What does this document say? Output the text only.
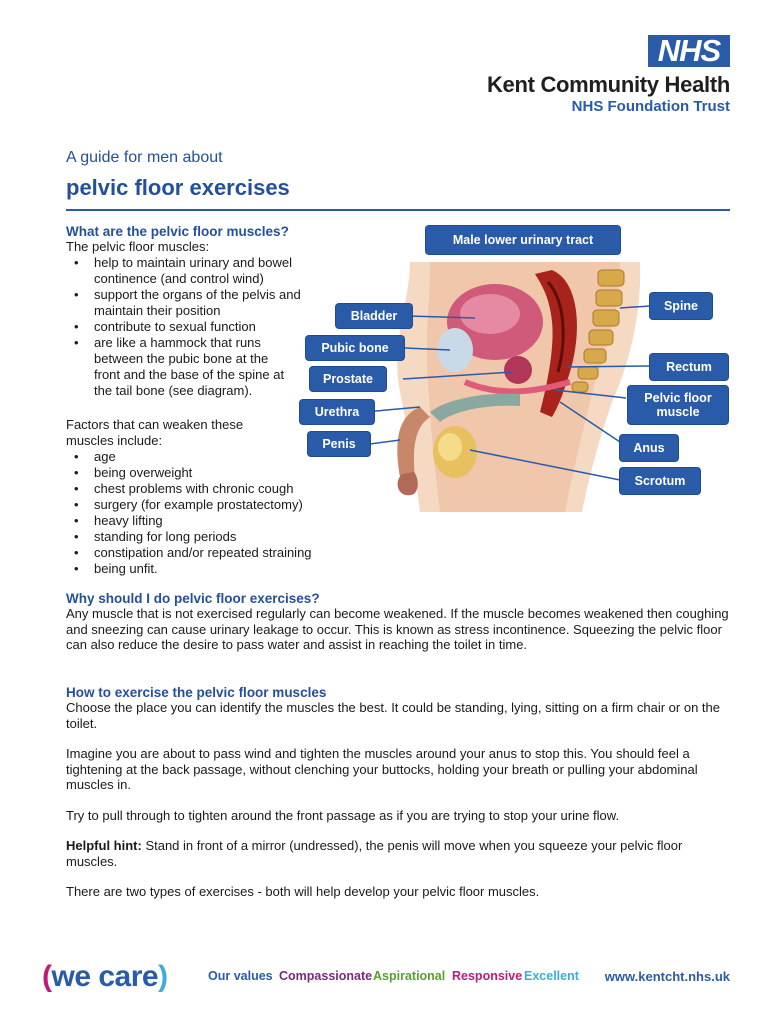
NHS
Kent Community Health
NHS Foundation Trust
A guide for men about
pelvic floor exercises
What are the pelvic floor muscles?
The pelvic floor muscles:
• help to maintain urinary and bowel continence (and control wind)
• support the organs of the pelvis and maintain their position
• contribute to sexual function
• are like a hammock that runs between the pubic bone at the front and the base of the spine at the tail bone (see diagram).
Factors that can weaken these muscles include:
• age
• being overweight
• chest problems with chronic cough
• surgery (for example prostatectomy)
• heavy lifting
• standing for long periods
• constipation and/or repeated straining
• being unfit.
Male lower urinary tract
Bladder
Pubic bone
Prostate
Urethra
Penis
Spine
Rectum
Pelvic floor muscle
Anus
Scrotum
Why should I do pelvic floor exercises?

Any muscle that is not exercised regularly can become weakened. If the muscle becomes weakened then coughing and sneezing can cause urinary leakage to occur. This is known as stress incontinence. Squeezing the pelvic floor can also reduce the desire to pass water and assist in reaching the toilet in time.

How to exercise the pelvic floor muscles

Choose the place you can identify the muscles the best. It could be standing, lying, sitting on a firm chair or on the toilet.

Imagine you are about to pass wind and tighten the muscles around your anus to stop this. You should feel a tightening at the back passage, without clenching your buttocks, holding your breath or pulling your abdominal muscles in.

Try to pull through to tighten around the front passage as if you are trying to stop your urine flow.

Helpful hint: Stand in front of a mirror (undressed), the penis will move when you squeeze your pelvic floor muscles.

There are two types of exercises - both will help develop your pelvic floor muscles.

(we care)	Our values Compassionate Aspirational Responsive Excellent www.kentcht.nhs.uk
